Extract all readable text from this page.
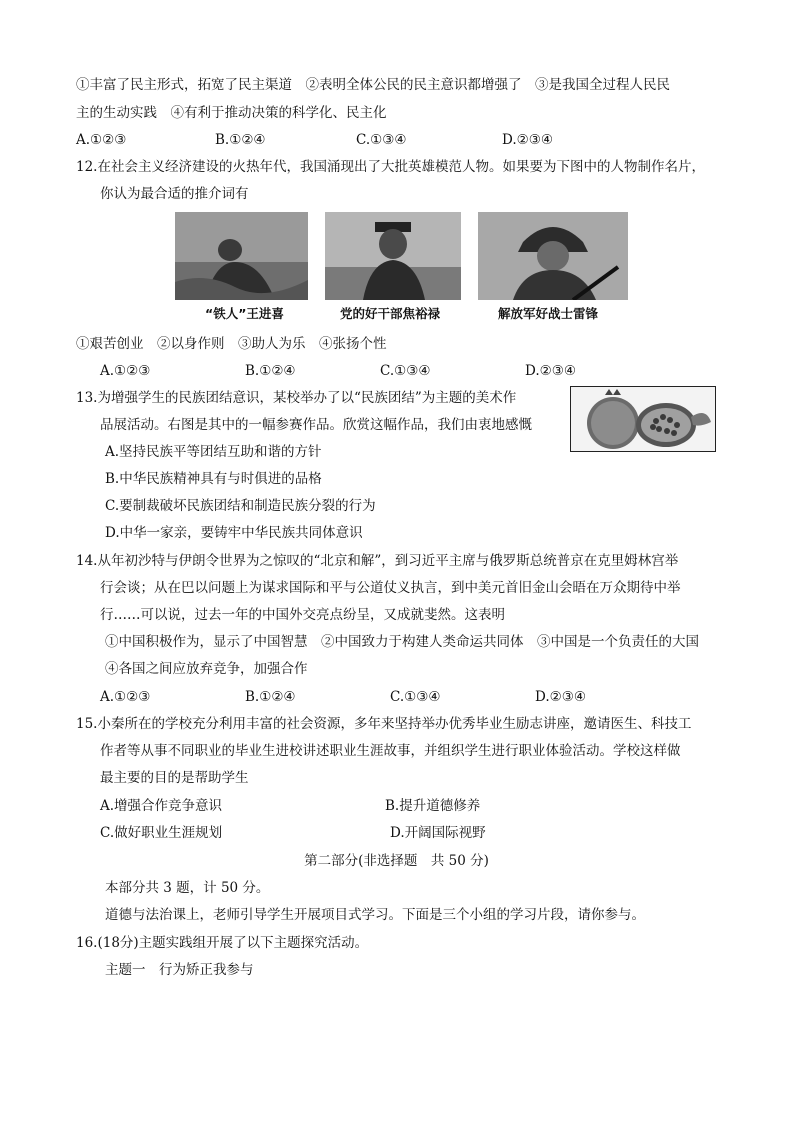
①丰富了民主形式，拓宽了民主渠道　②表明全体公民的民主意识都增强了　③是我国全过程人民民
主的生动实践　④有利于推动决策的科学化、民主化
A.①②③	B.①②④	C.①③④	D.②③④
12.在社会主义经济建设的火热年代，我国涌现出了大批英雄模范人物。如果要为下图中的人物制作名片，
你认为最合适的推介词有
“铁人”王进喜	党的好干部焦裕禄	解放军好战士雷锋
①艰苦创业　②以身作则　③助人为乐　④张扬个性
A.①②③	B.①②④	C.①③④	D.②③④
13.为增强学生的民族团结意识，某校举办了以“民族团结”为主题的美术作
品展活动。右图是其中的一幅参赛作品。欣赏这幅作品，我们由衷地感慨
A.坚持民族平等团结互助和谐的方针
B.中华民族精神具有与时俱进的品格
C.要制裁破坏民族团结和制造民族分裂的行为
D.中华一家亲，要铸牢中华民族共同体意识
14.从年初沙特与伊朗令世界为之惊叹的“北京和解”，到习近平主席与俄罗斯总统普京在克里姆林宫举
行会谈；从在巴以问题上为谋求国际和平与公道仗义执言，到中美元首旧金山会晤在万众期待中举
行……可以说，过去一年的中国外交亮点纷呈，又成就斐然。这表明
①中国积极作为，显示了中国智慧　②中国致力于构建人类命运共同体　③中国是一个负责任的大国
④各国之间应放弃竞争，加强合作
A.①②③	B.①②④	C.①③④	D.②③④
15.小秦所在的学校充分利用丰富的社会资源，多年来坚持举办优秀毕业生励志讲座，邀请医生、科技工
作者等从事不同职业的毕业生进校讲述职业生涯故事，并组织学生进行职业体验活动。学校这样做
最主要的目的是帮助学生
A.增强合作竞争意识	B.提升道德修养
C.做好职业生涯规划	D.开阔国际视野
第二部分(非选择题　共 50 分)
本部分共 3 题，计 50 分。
道德与法治课上，老师引导学生开展项目式学习。下面是三个小组的学习片段，请你参与。
16.(18分)主题实践组开展了以下主题探究活动。
主题一　行为矫正我参与
